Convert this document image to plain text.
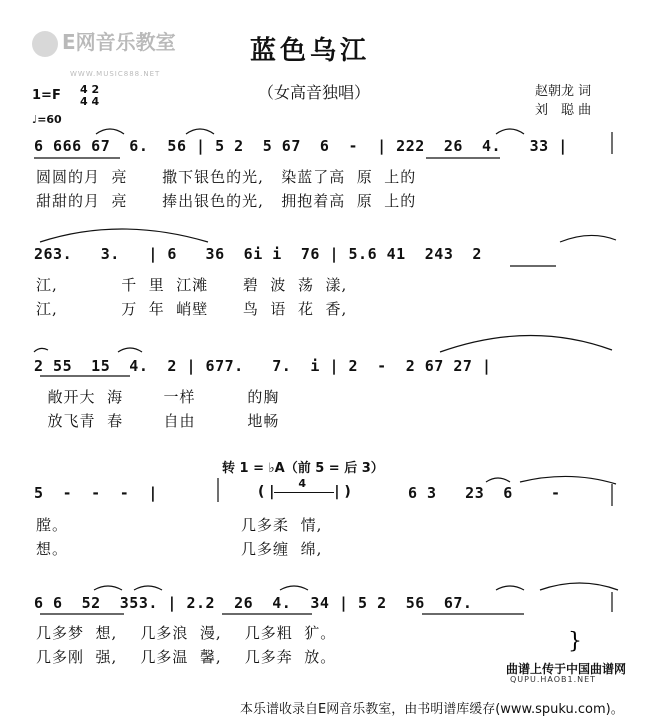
E网音乐教室
WWW.MUSIC888.NET
蓝色乌江
（女高音独唱）	赵朝龙 词
刘　聪 曲
1=F 4 2
4 4
♩=60
6 666 67  6.  56 | 5 2  5 67  6  -  | 222  26  4.   33 |
圆圆的月  亮      撒下银色的光,   染蓝了高  原  上的
甜甜的月  亮      捧出银色的光,   拥抱着高  原  上的
263.   3.   | 6   36  6i i  76 | 5.6 41  243  2
江,           千  里  江滩      碧  波  荡  漾,
江,           万  年  峭壁      鸟  语  花  香,
2 55  15  4.  2 | 677.   7.  i | 2  -  2 67 27 |
敞开大  海       一样         的胸
放飞青  春       自由         地畅
转 1 = ♭A（前 5 = 后 3）
5  -  -  -  |	( |
4
| )	6 3   23  6    -
膛。                              几多柔  情,
想。                              几多缠  绵,
6 6  52  353. | 2.2  26  4.  34 | 5 2  56  67.
几多梦  想,    几多浪  漫,    几多粗  犷。
几多刚  强,    几多温  馨,    几多奔  放。
}
曲谱上传于中国曲谱网
QUPU.HAOB1.NET
本乐谱收录自E网音乐教室，由书明谱库缓存(www.spuku.com)。
